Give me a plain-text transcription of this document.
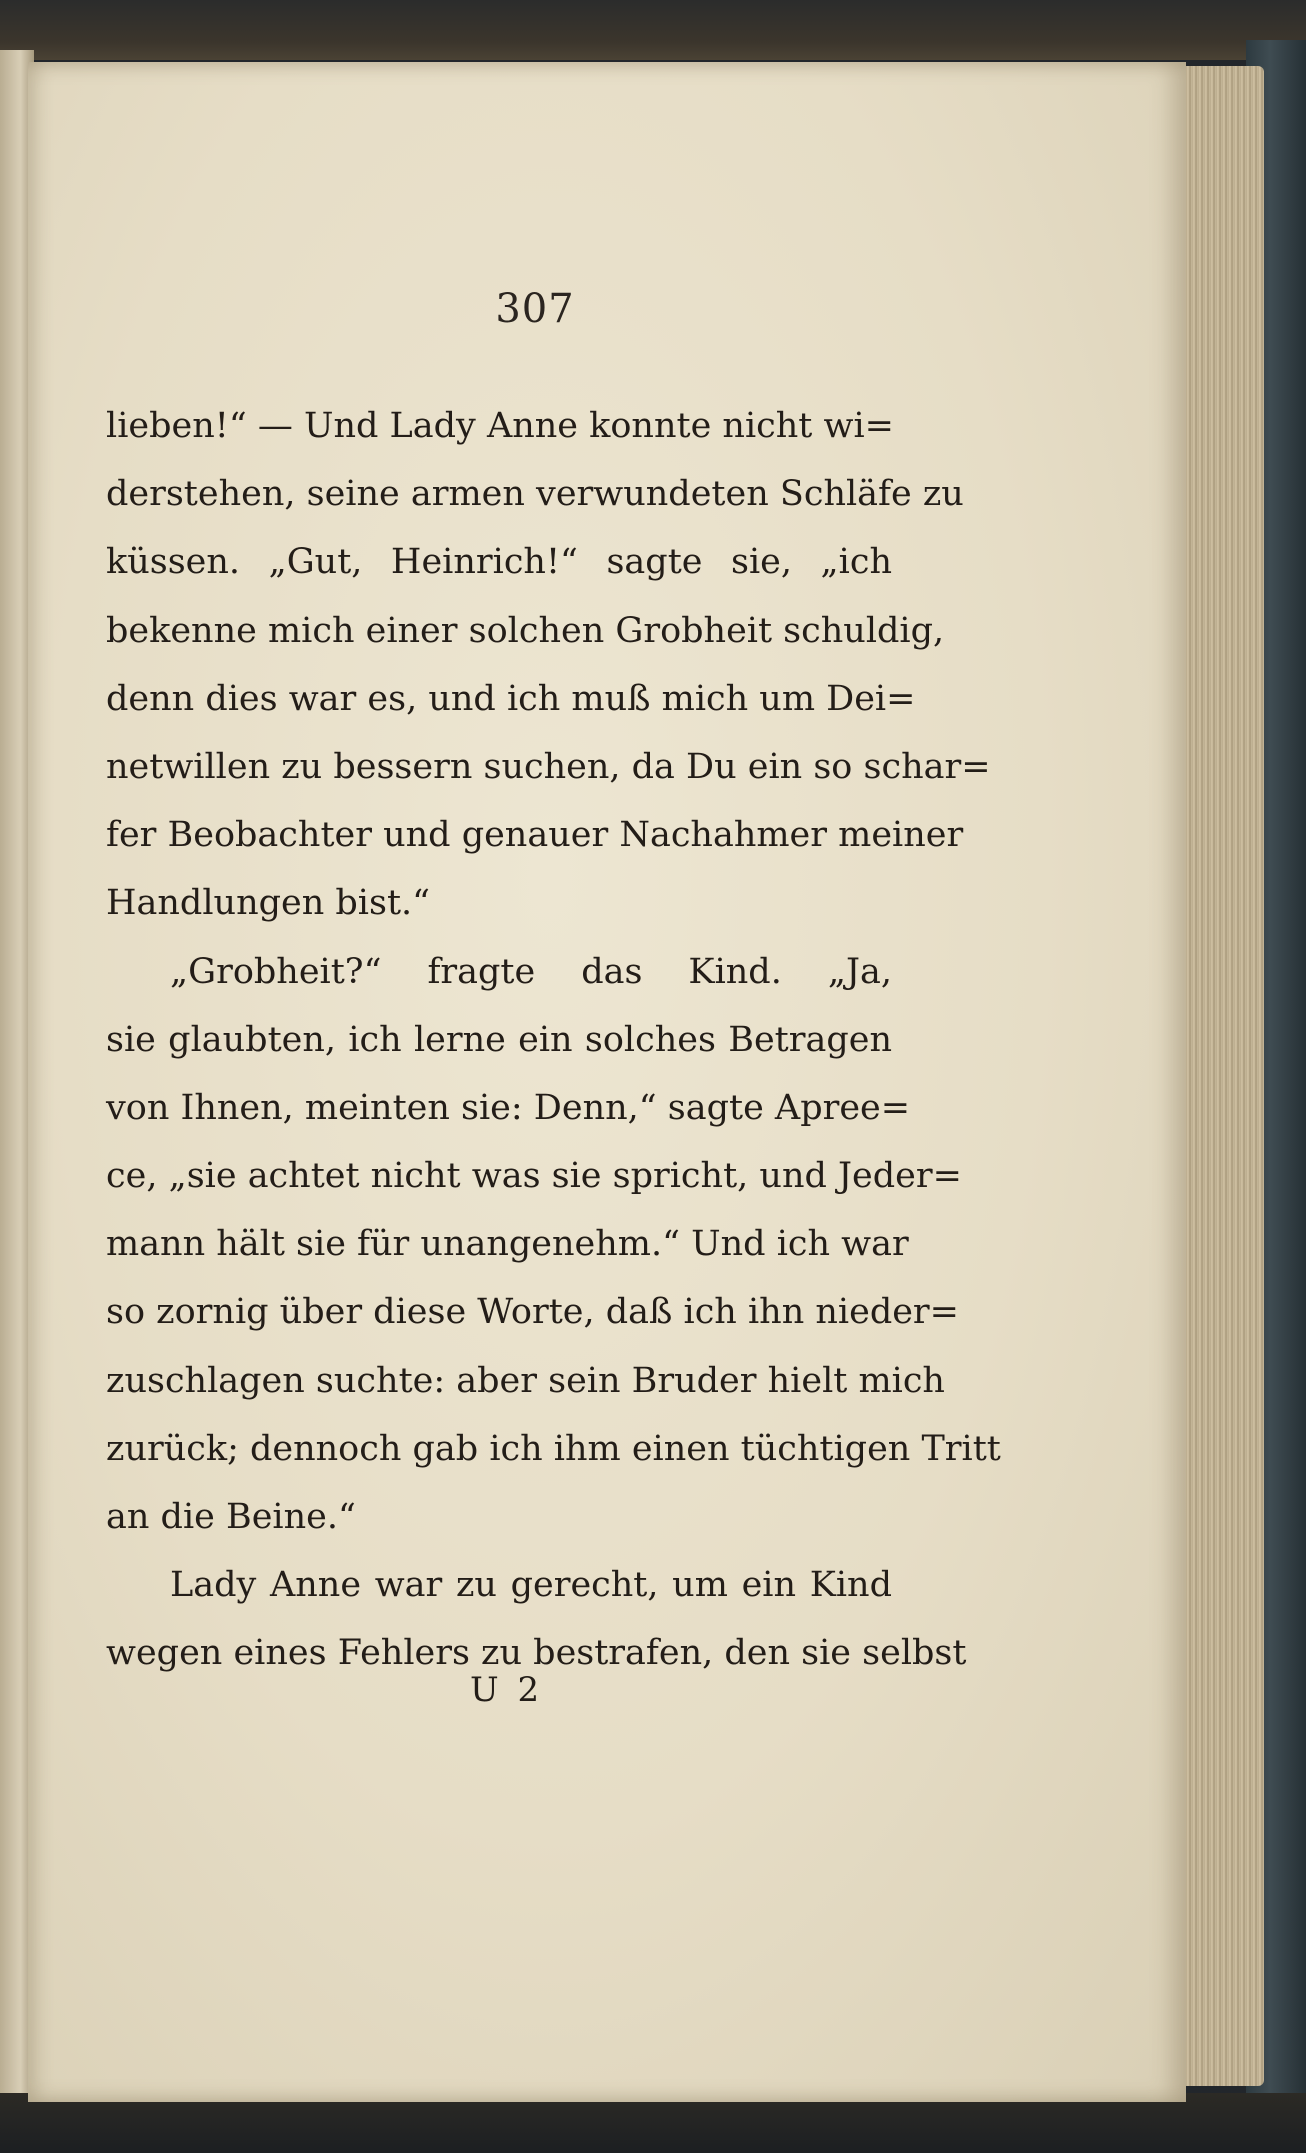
307
lieben!“ — Und Lady Anne konnte nicht wi=
derstehen, seine armen verwundeten Schläfe zu
küssen. „Gut, Heinrich!“ sagte sie, „ich
bekenne mich einer solchen Grobheit schuldig,
denn dies war es, und ich muß mich um Dei=
netwillen zu bessern suchen, da Du ein so schar=
fer Beobachter und genauer Nachahmer meiner
Handlungen bist.“
„Grobheit?“ fragte das Kind. „Ja,
sie glaubten, ich lerne ein solches Betragen
von Ihnen, meinten sie: Denn,“ sagte Apree=
ce, „sie achtet nicht was sie spricht, und Jeder=
mann hält sie für unangenehm.“ Und ich war
so zornig über diese Worte, daß ich ihn nieder=
zuschlagen suchte: aber sein Bruder hielt mich
zurück; dennoch gab ich ihm einen tüchtigen Tritt
an die Beine.“
Lady Anne war zu gerecht, um ein Kind
wegen eines Fehlers zu bestrafen, den sie selbst
U 2
